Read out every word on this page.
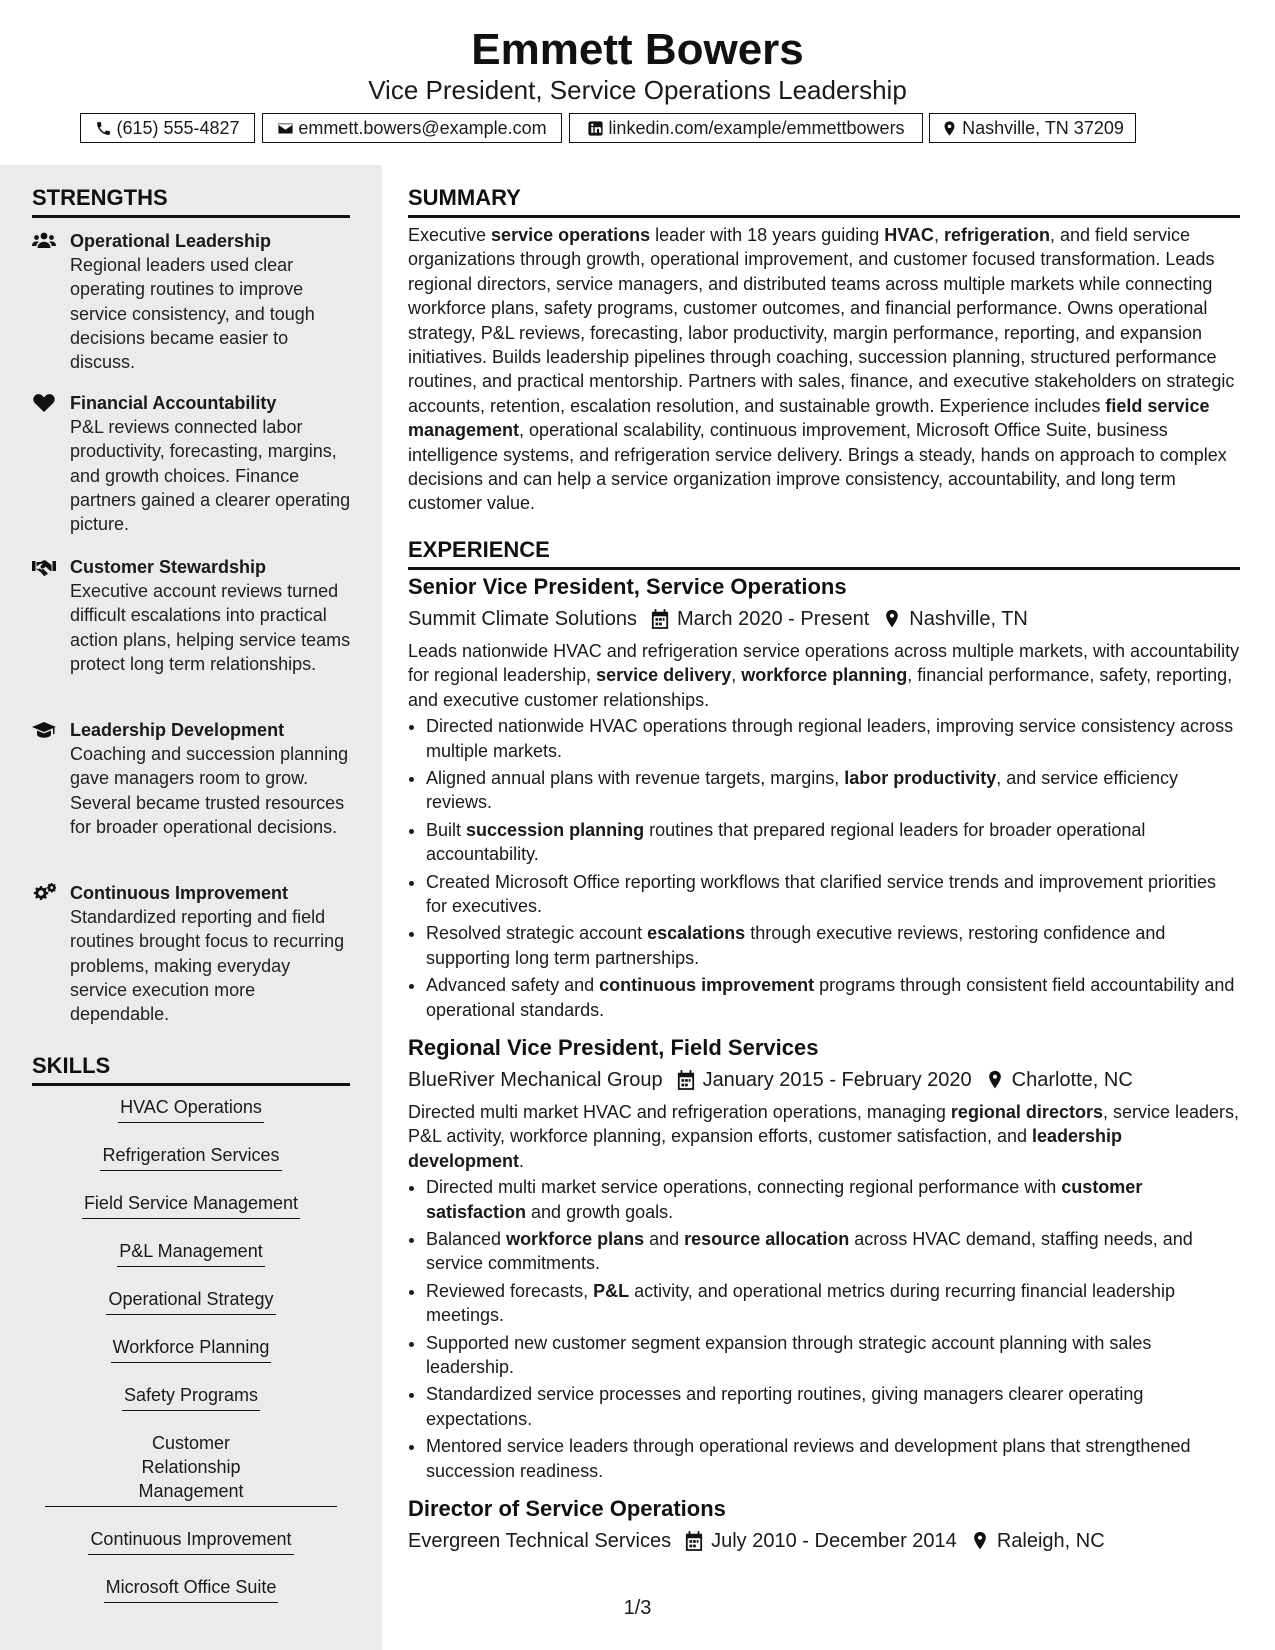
Emmett Bowers
Vice President, Service Operations Leadership
(615) 555-4827	emmett.bowers@example.com	linkedin.com/example/emmettbowers	Nashville, TN 37209
STRENGTHS
Operational Leadership
Regional leaders used clear operating routines to improve service consistency, and tough decisions became easier to discuss.
Financial Accountability
P&L reviews connected labor productivity, forecasting, margins, and growth choices. Finance partners gained a clearer operating picture.
Customer Stewardship
Executive account reviews turned difficult escalations into practical action plans, helping service teams protect long term relationships.
Leadership Development
Coaching and succession planning gave managers room to grow. Several became trusted resources for broader operational decisions.
Continuous Improvement
Standardized reporting and field routines brought focus to recurring problems, making everyday service execution more dependable.
SKILLS
HVAC Operations
Refrigeration Services
Field Service Management
P&L Management
Operational Strategy
Workforce Planning
Safety Programs
Customer Relationship Management
Continuous Improvement
Microsoft Office Suite
SUMMARY
Executive service operations leader with 18 years guiding HVAC, refrigeration, and field service organizations through growth, operational improvement, and customer focused transformation. Leads regional directors, service managers, and distributed teams across multiple markets while connecting workforce plans, safety programs, customer outcomes, and financial performance. Owns operational strategy, P&L reviews, forecasting, labor productivity, margin performance, reporting, and expansion initiatives. Builds leadership pipelines through coaching, succession planning, structured performance routines, and practical mentorship. Partners with sales, finance, and executive stakeholders on strategic accounts, retention, escalation resolution, and sustainable growth. Experience includes field service management, operational scalability, continuous improvement, Microsoft Office Suite, business intelligence systems, and refrigeration service delivery. Brings a steady, hands on approach to complex decisions and can help a service organization improve consistency, accountability, and long term customer value.
EXPERIENCE
Senior Vice President, Service Operations
Summit Climate Solutions March 2020 - Present Nashville, TN
Leads nationwide HVAC and refrigeration service operations across multiple markets, with accountability for regional leadership, service delivery, workforce planning, financial performance, safety, reporting, and executive customer relationships.
• Directed nationwide HVAC operations through regional leaders, improving service consistency across multiple markets.
• Aligned annual plans with revenue targets, margins, labor productivity, and service efficiency reviews.
• Built succession planning routines that prepared regional leaders for broader operational accountability.
• Created Microsoft Office reporting workflows that clarified service trends and improvement priorities for executives.
• Resolved strategic account escalations through executive reviews, restoring confidence and supporting long term partnerships.
• Advanced safety and continuous improvement programs through consistent field accountability and operational standards.
Regional Vice President, Field Services
BlueRiver Mechanical Group January 2015 - February 2020 Charlotte, NC
Directed multi market HVAC and refrigeration operations, managing regional directors, service leaders, P&L activity, workforce planning, expansion efforts, customer satisfaction, and leadership development.
• Directed multi market service operations, connecting regional performance with customer satisfaction and growth goals.
• Balanced workforce plans and resource allocation across HVAC demand, staffing needs, and service commitments.
• Reviewed forecasts, P&L activity, and operational metrics during recurring financial leadership meetings.
• Supported new customer segment expansion through strategic account planning with sales leadership.
• Standardized service processes and reporting routines, giving managers clearer operating expectations.
• Mentored service leaders through operational reviews and development plans that strengthened succession readiness.
Director of Service Operations
Evergreen Technical Services July 2010 - December 2014 Raleigh, NC
1/3
